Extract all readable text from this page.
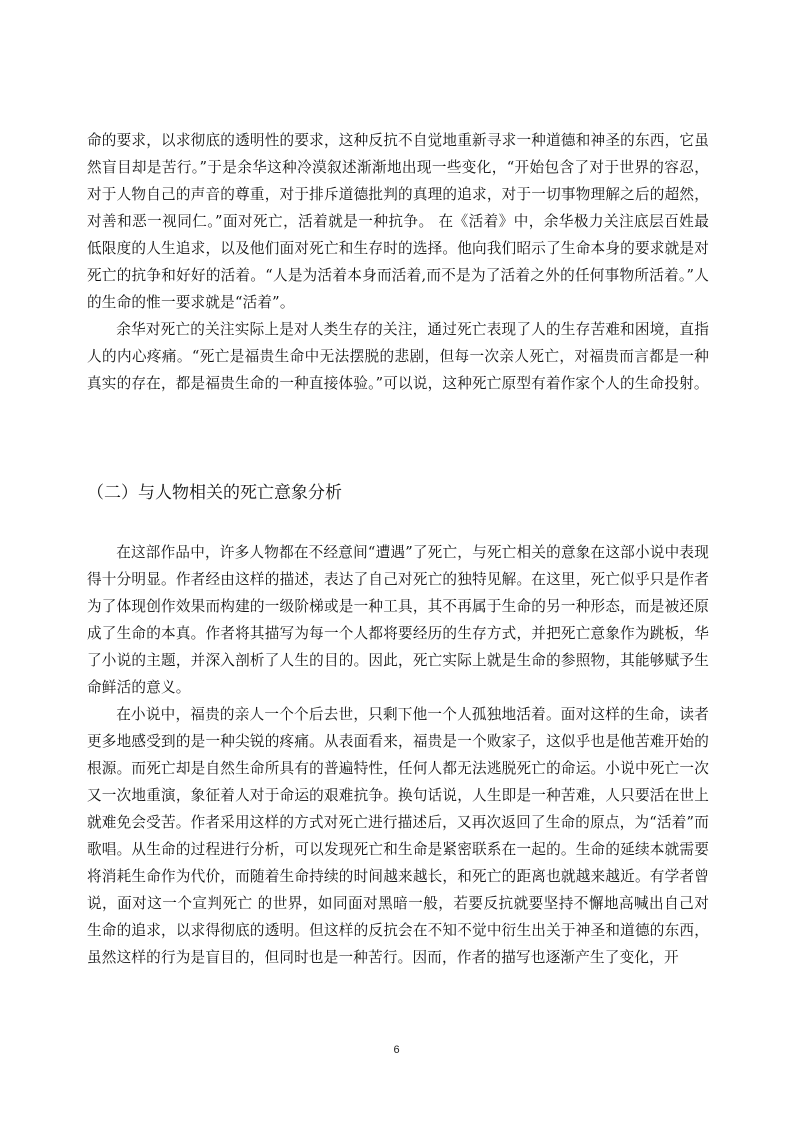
命的要求，以求彻底的透明性的要求，这种反抗不自觉地重新寻求一种道德和神圣的东西，它虽然盲目却是苦行。”于是余华这种冷漠叙述渐渐地出现一些变化，“开始包含了对于世界的容忍，对于人物自己的声音的尊重，对于排斥道德批判的真理的追求，对于一切事物理解之后的超然，对善和恶一视同仁。”面对死亡，活着就是一种抗争。 在《活着》中，余华极力关注底层百姓最低限度的人生追求，以及他们面对死亡和生存时的选择。他向我们昭示了生命本身的要求就是对死亡的抗争和好好的活着。“人是为活着本身而活着,而不是为了活着之外的任何事物所活着。”人的生命的惟一要求就是“活着”。

余华对死亡的关注实际上是对人类生存的关注，通过死亡表现了人的生存苦难和困境，直指人的内心疼痛。“死亡是福贵生命中无法摆脱的悲剧，但每一次亲人死亡，对福贵而言都是一种真实的存在，都是福贵生命的一种直接体验。”可以说，这种死亡原型有着作家个人的生命投射。

（二）与人物相关的死亡意象分析

在这部作品中，许多人物都在不经意间“遭遇”了死亡，与死亡相关的意象在这部小说中表现得十分明显。作者经由这样的描述，表达了自己对死亡的独特见解。在这里，死亡似乎只是作者为了体现创作效果而构建的一级阶梯或是一种工具，其不再属于生命的另一种形态，而是被还原成了生命的本真。作者将其描写为每一个人都将要经历的生存方式，并把死亡意象作为跳板，华了小说的主题，并深入剖析了人生的目的。因此，死亡实际上就是生命的参照物，其能够赋予生命鲜活的意义。

在小说中，福贵的亲人一个个后去世，只剩下他一个人孤独地活着。面对这样的生命，读者更多地感受到的是一种尖锐的疼痛。从表面看来，福贵是一个败家子，这似乎也是他苦难开始的根源。而死亡却是自然生命所具有的普遍特性，任何人都无法逃脱死亡的命运。小说中死亡一次又一次地重演，象征着人对于命运的艰难抗争。换句话说，人生即是一种苦难，人只要活在世上就难免会受苦。作者采用这样的方式对死亡进行描述后，又再次返回了生命的原点，为“活着”而歌唱。从生命的过程进行分析，可以发现死亡和生命是紧密联系在一起的。生命的延续本就需要将消耗生命作为代价，而随着生命持续的时间越来越长，和死亡的距离也就越来越近。有学者曾说，面对这一个宣判死亡 的世界，如同面对黑暗一般，若要反抗就要坚持不懈地高喊出自己对生命的追求，以求得彻底的透明。但这样的反抗会在不知不觉中衍生出关于神圣和道德的东西，虽然这样的行为是盲目的，但同时也是一种苦行。因而，作者的描写也逐渐产生了变化，开

6
